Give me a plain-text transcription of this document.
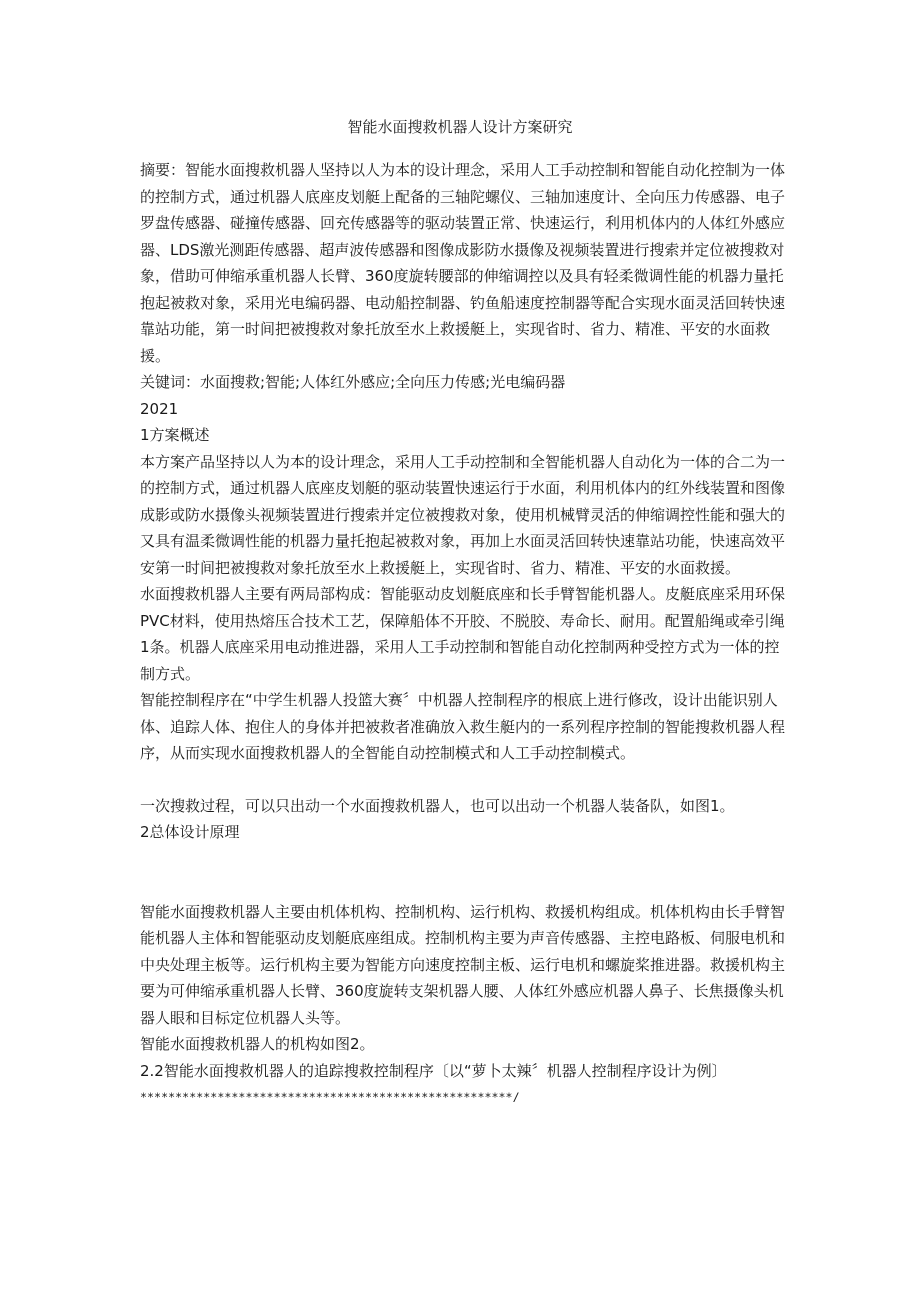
智能水面搜救机器人设计方案研究

摘要：智能水面搜救机器人坚持以人为本的设计理念，采用人工手动控制和智能自动化控制为一体的控制方式，通过机器人底座皮划艇上配备的三轴陀螺仪、三轴加速度计、全向压力传感器、电子罗盘传感器、碰撞传感器、回充传感器等的驱动装置正常、快速运行，利用机体内的人体红外感应器、LDS激光测距传感器、超声波传感器和图像成影防水摄像及视频装置进行搜索并定位被搜救对象，借助可伸缩承重机器人长臂、360度旋转腰部的伸缩调控以及具有轻柔微调性能的机器力量托抱起被救对象，采用光电编码器、电动船控制器、钓鱼船速度控制器等配合实现水面灵活回转快速靠站功能，第一时间把被搜救对象托放至水上救援艇上，实现省时、省力、精准、平安的水面救援。

关键词：水面搜救;智能;人体红外感应;全向压力传感;光电编码器

2021

1方案概述

本方案产品坚持以人为本的设计理念，采用人工手动控制和全智能机器人自动化为一体的合二为一的控制方式，通过机器人底座皮划艇的驱动装置快速运行于水面，利用机体内的红外线装置和图像成影或防水摄像头视频装置进行搜索并定位被搜救对象，使用机械臂灵活的伸缩调控性能和强大的又具有温柔微调性能的机器力量托抱起被救对象，再加上水面灵活回转快速靠站功能，快速高效平安第一时间把被搜救对象托放至水上救援艇上，实现省时、省力、精准、平安的水面救援。

水面搜救机器人主要有两局部构成：智能驱动皮划艇底座和长手臂智能机器人。皮艇底座采用环保PVC材料，使用热熔压合技术工艺，保障船体不开胶、不脱胶、寿命长、耐用。配置船绳或牵引绳1条。机器人底座采用电动推进器，采用人工手动控制和智能自动化控制两种受控方式为一体的控制方式。

智能控制程序在“中学生机器人投篮大赛〞中机器人控制程序的根底上进行修改，设计出能识别人体、追踪人体、抱住人的身体并把被救者准确放入救生艇内的一系列程序控制的智能搜救机器人程序，从而实现水面搜救机器人的全智能自动控制模式和人工手动控制模式。

一次搜救过程，可以只出动一个水面搜救机器人，也可以出动一个机器人装备队，如图1。

2总体设计原理

智能水面搜救机器人主要由机体机构、控制机构、运行机构、救援机构组成。机体机构由长手臂智能机器人主体和智能驱动皮划艇底座组成。控制机构主要为声音传感器、主控电路板、伺服电机和中央处理主板等。运行机构主要为智能方向速度控制主板、运行电机和螺旋桨推进器。救援机构主要为可伸缩承重机器人长臂、360度旋转支架机器人腰、人体红外感应机器人鼻子、长焦摄像头机器人眼和目标定位机器人头等。

智能水面搜救机器人的机构如图2。

2.2智能水面搜救机器人的追踪搜救控制程序〔以“萝卜太辣〞机器人控制程序设计为例〕

*****************************************************/
